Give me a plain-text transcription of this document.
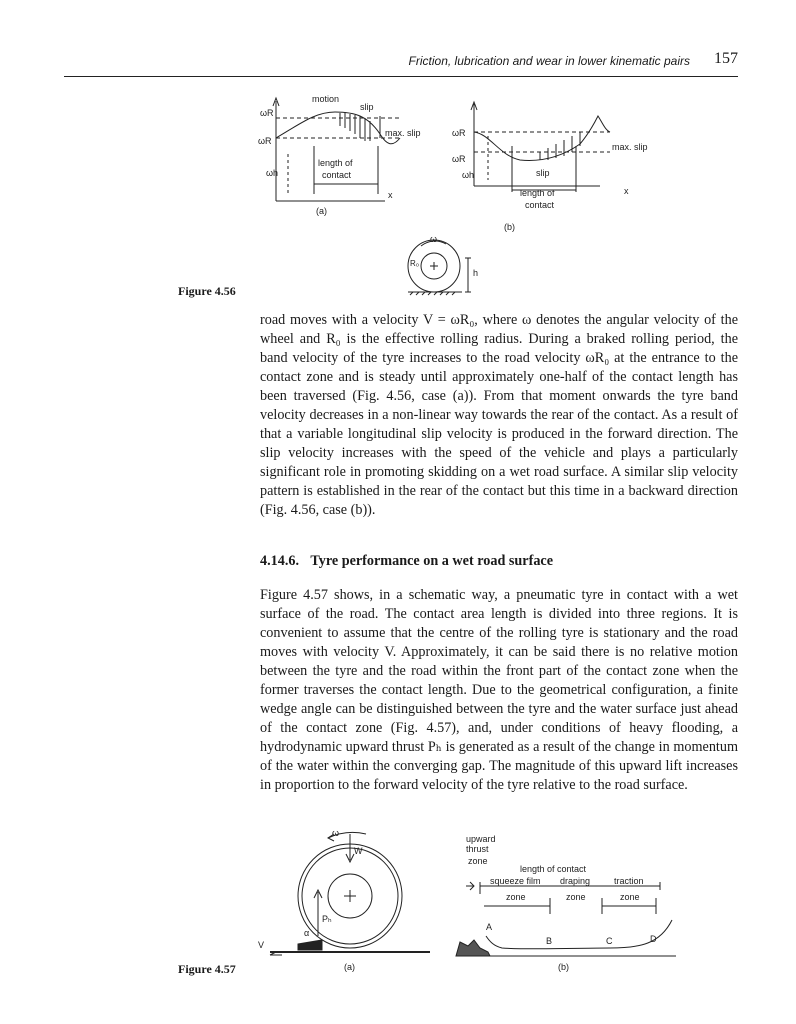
Friction, lubrication and wear in lower kinematic pairs 157
ωR
ωR
ωh
motion
slip
max. slip
length of
contact
x
(a)
ωR
ωR
ωh	slip
max. slip
length of
contact
x
(b)
ω
R₀
h
Figure 4.56

road moves with a velocity V = ωR₀, where ω denotes the angular velocity of the wheel and R₀ is the effective rolling radius. During a braked rolling period, the band velocity of the tyre increases to the road velocity ωR₀ at the entrance to the contact zone and is steady until approximately one-half of the contact length has been traversed (Fig. 4.56, case (a)). From that moment onwards the tyre band velocity decreases in a non-linear way towards the rear of the contact. As a result of that a variable longitudinal slip velocity is produced in the forward direction. The slip velocity increases with the speed of the vehicle and plays a particularly significant role in promoting skidding on a wet road surface. A similar slip velocity pattern is established in the rear of the contact but this time in a backward direction (Fig. 4.56, case (b)).

4.14.6. Tyre performance on a wet road surface

Figure 4.57 shows, in a schematic way, a pneumatic tyre in contact with a wet surface of the road. The contact area length is divided into three regions. It is convenient to assume that the centre of the rolling tyre is stationary and the road moves with velocity V. Approximately, it can be said there is no relative motion between the tyre and the road within the front part of the contact zone when the former traverses the contact length. Due to the geometrical configuration, a finite wedge angle can be distinguished between the tyre and the water surface just ahead of the contact zone (Fig. 4.57), and, under conditions of heavy flooding, a hydrodynamic upward thrust Pₕ is generated as a result of the change in momentum of the water within the converging gap. The magnitude of this upward lift increases in proportion to the forward velocity of the tyre relative to the road surface.

ω
W
Pₕ
α
V
(a)
upward
thrust
zone
length of contact
squeeze film draping	traction
zone	zone	zone
A
B	C	D
(b)
Figure 4.57
